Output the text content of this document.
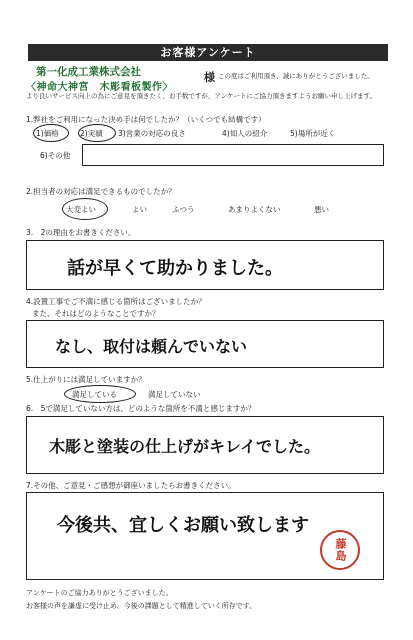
お客様アンケート
第一化成工業株式会社
〈神命大神宮　木彫看板製作〉
様 この度はご利用頂き、誠にありがとうございました。
より良いサービス向上の為にご意見を頂きたく、お手数ですが、アンケートにご協力頂きますようお願い申し上げます。
1.弊社をご利用になった決め手は何でしたか？（いくつでも結構です）
1)価格	2)実績 3)営業の対応の良さ	4)知人の紹介	5)場所が近く
6)その他
2.担当者の対応は満足できるものでしたか？
大変よい	よい	ふつう	あまりよくない	悪い
3.　2の理由をお書きください。
話が早くて助かりました。
4.設置工事でご不満に感じる箇所はございましたか？
また、それはどのようなことですか？
なし、取付は頼んでいない
5.仕上がりには満足していますか？
満足している	満足していない
6.　5で満足していない方は、どのような箇所を不満と感じますか？
木彫と塗装の仕上げがキレイでした。
7.その他、ご意見・ご感想が御座いましたらお書きください。
今後共、宜しくお願い致します
藤島
アンケートのご協力ありがとうございました。
お客様の声を謙虚に受け止め、今後の課題として精進していく所存です。
